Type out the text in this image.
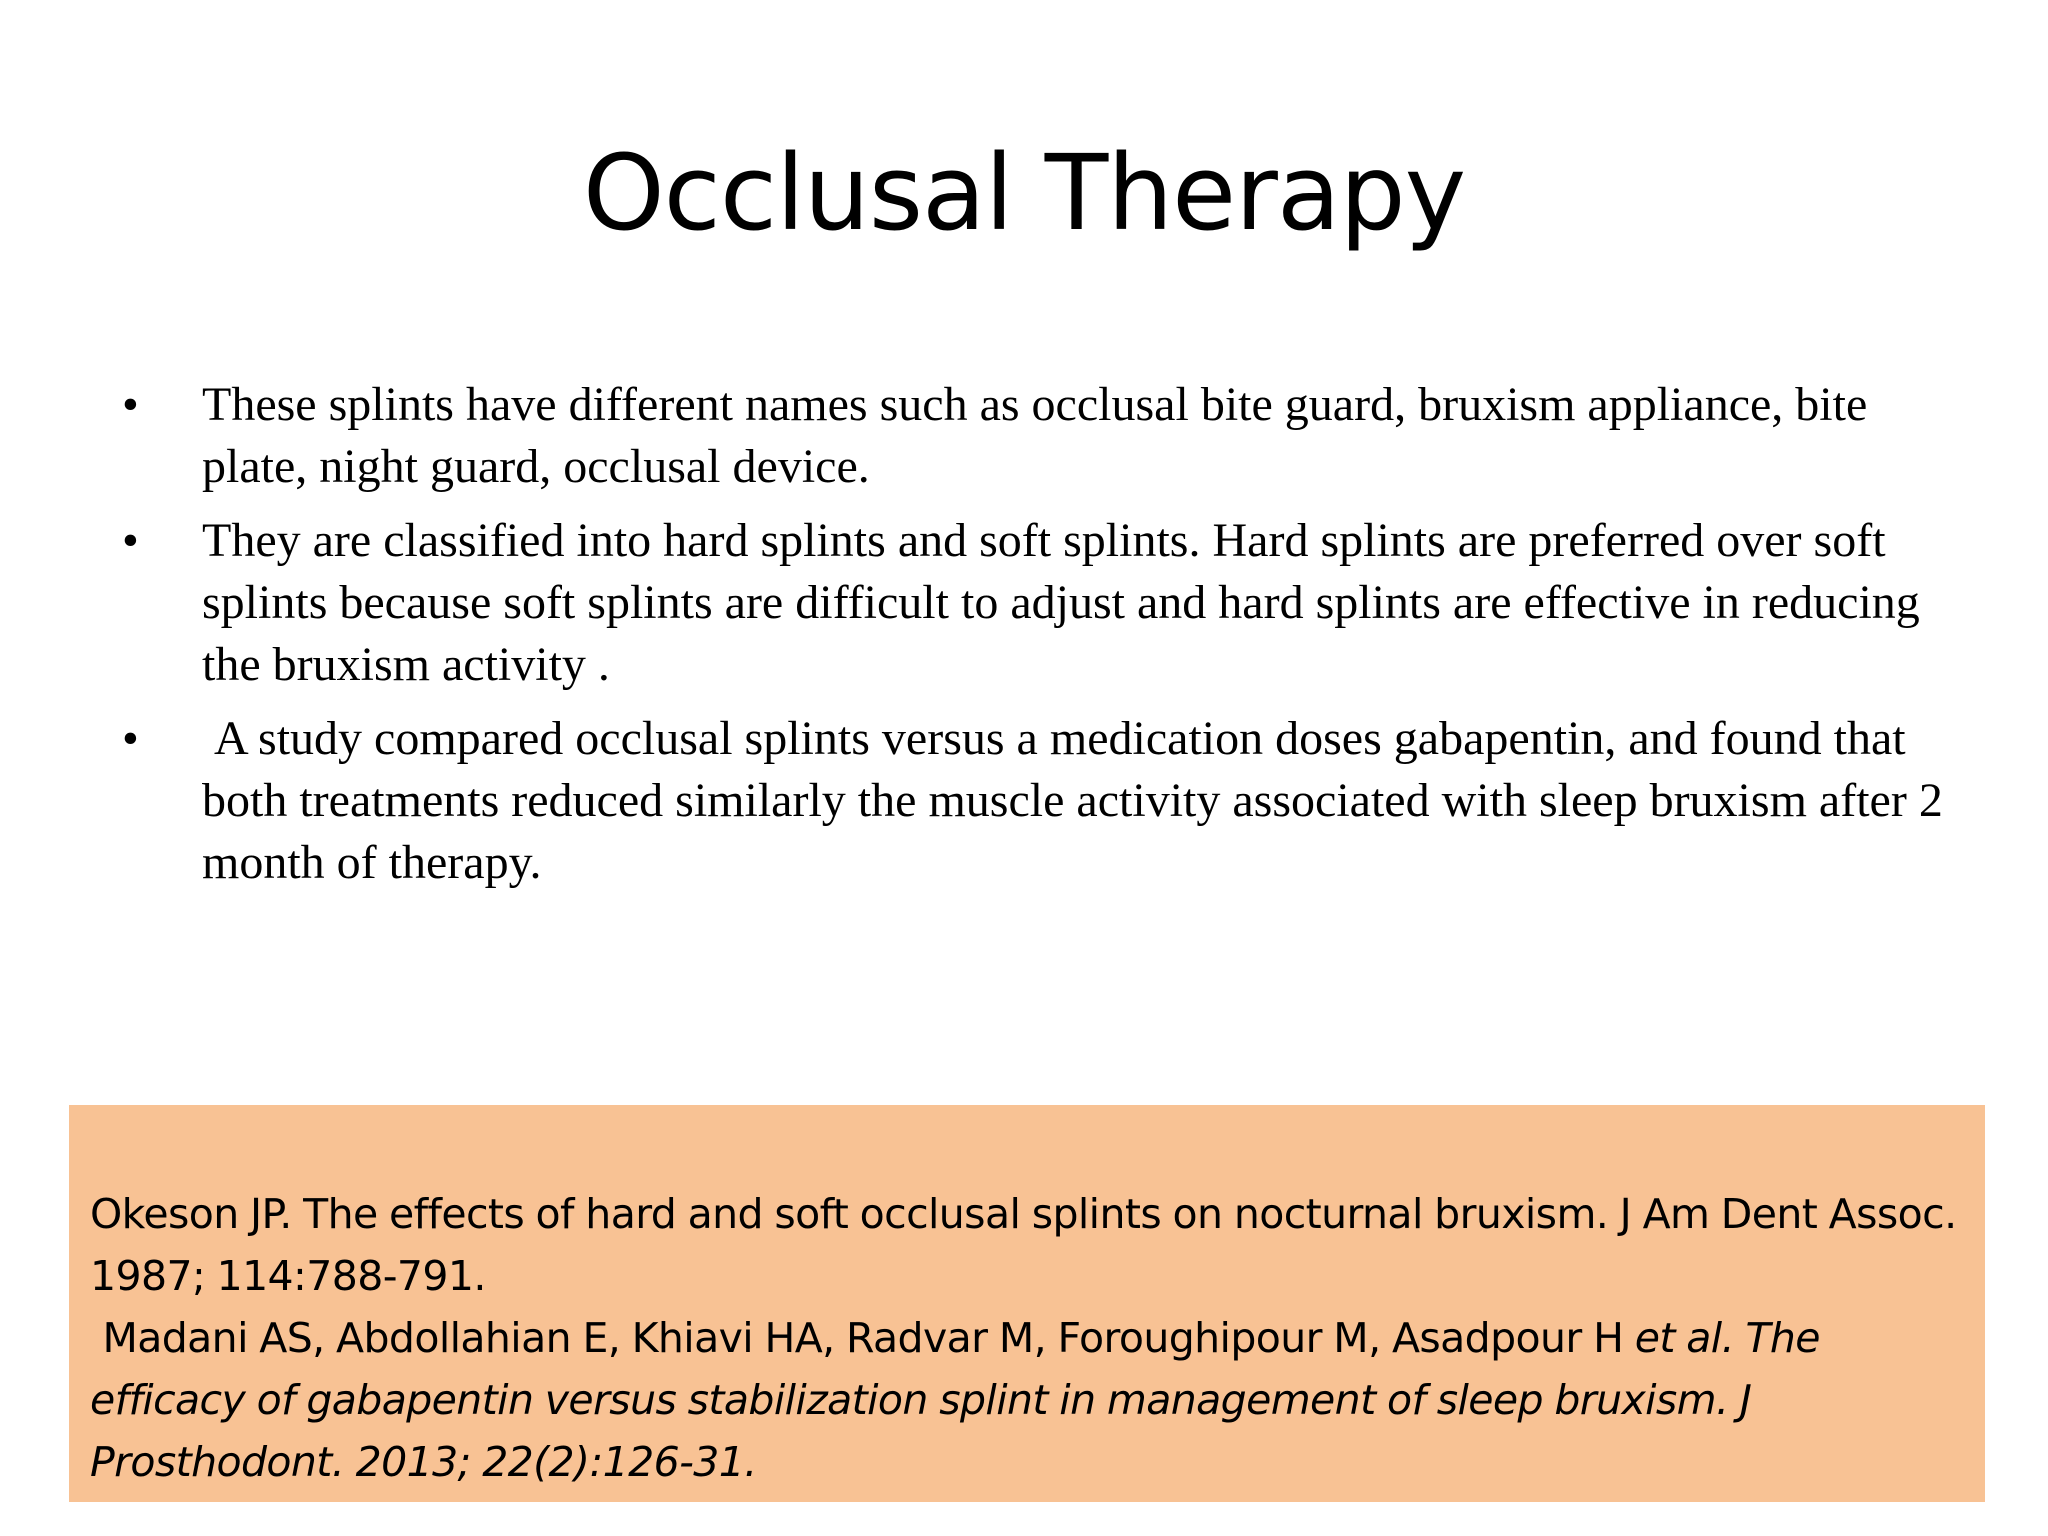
Occlusal Therapy
• These splints have different names such as occlusal bite guard, bruxism appliance, bite plate, night guard, occlusal device.
• They are classified into hard splints and soft splints. Hard splints are preferred over soft splints because soft splints are difficult to adjust and hard splints are effective in reducing the bruxism activity .
• A study compared occlusal splints versus a medication doses gabapentin, and found that both treatments reduced similarly the muscle activity associated with sleep bruxism after 2 month of therapy.

Okeson JP. The effects of hard and soft occlusal splints on nocturnal bruxism. J Am Dent Assoc. 1987; 114:788-791.

Madani AS, Abdollahian E, Khiavi HA, Radvar M, Foroughipour M, Asadpour H et al. The efficacy of gabapentin versus stabilization splint in management of sleep bruxism. J Prosthodont. 2013; 22(2):126-31.
